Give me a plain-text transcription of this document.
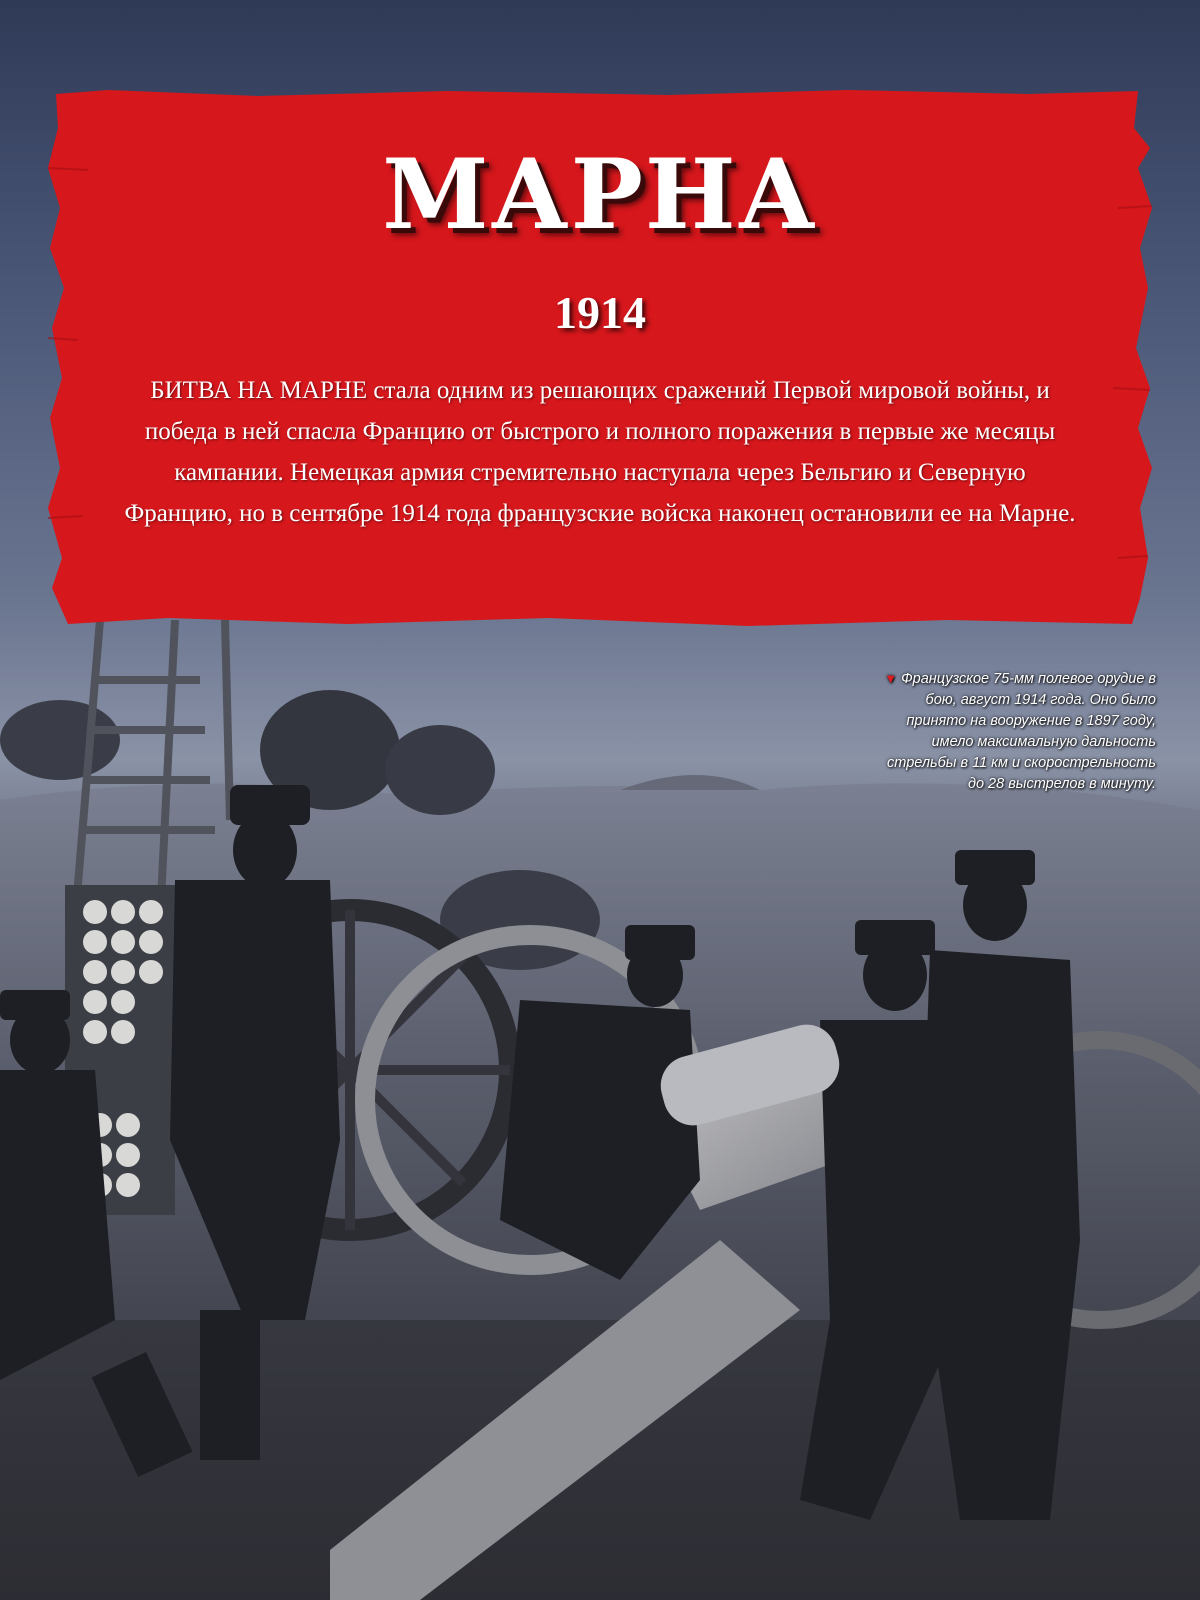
МАРНА
1914
БИТВА НА МАРНЕ стала одним из решающих сражений Первой мировой войны, и победа в ней спасла Францию от быстрого и полного поражения в первые же месяцы кампании. Немецкая армия стремительно наступала через Бельгию и Северную Францию, но в сентябре 1914 года французские войска наконец остановили ее на Марне.
▼ Французское 75-мм полевое орудие в бою, август 1914 года. Оно было принято на вооружение в 1897 году, имело максимальную дальность стрельбы в 11 км и скорострельность до 28 выстрелов в минуту.
